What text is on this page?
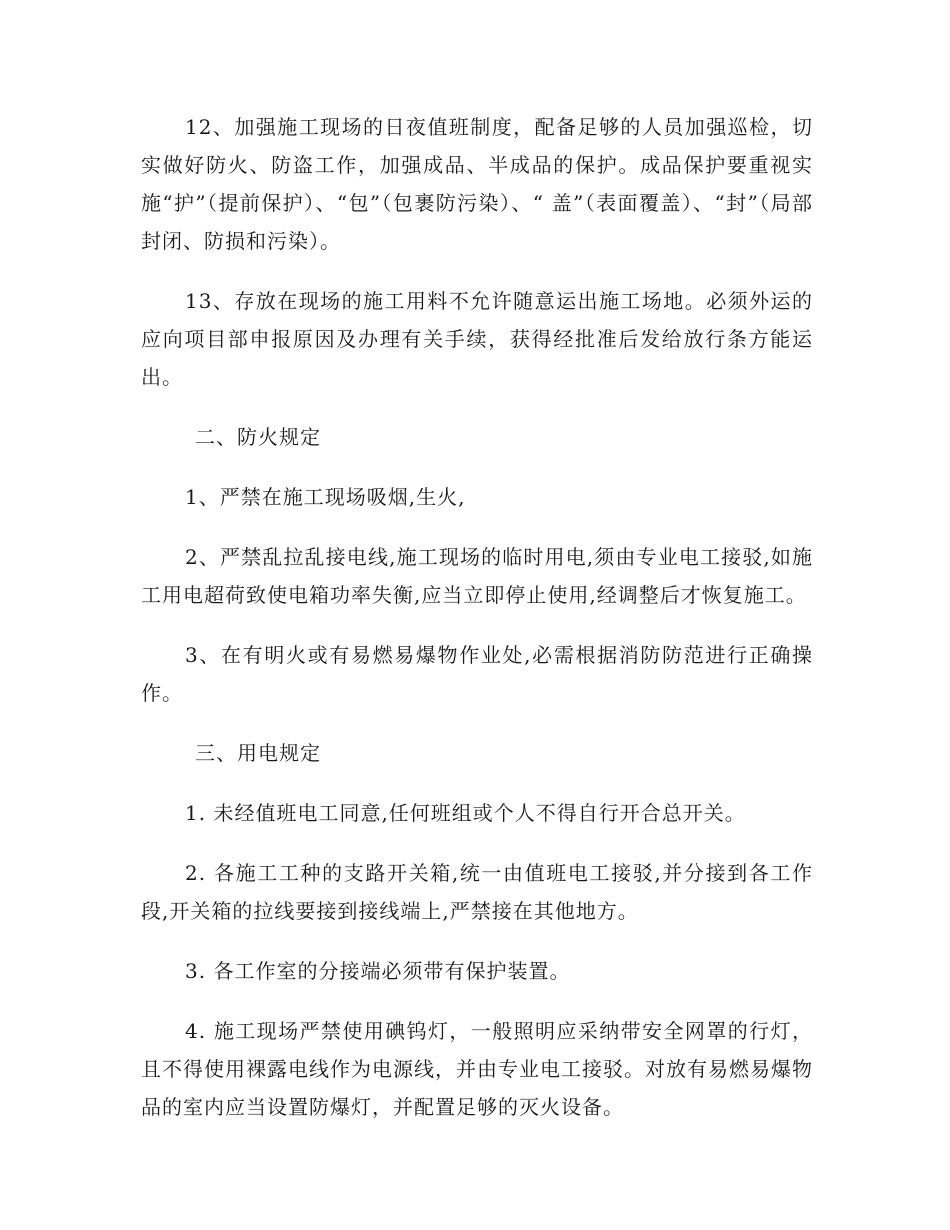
12、加强施工现场的日夜值班制度，配备足够的人员加强巡检，切实做好防火、防盗工作，加强成品、半成品的保护。成品保护要重视实施“护”（提前保护）、“包”（包裹防污染）、“ 盖”（表面覆盖）、“封”（局部封闭、防损和污染）。

13、存放在现场的施工用料不允许随意运出施工场地。必须外运的应向项目部申报原因及办理有关手续，获得经批准后发给放行条方能运出。

二、防火规定

1、严禁在施工现场吸烟,生火,

2、严禁乱拉乱接电线,施工现场的临时用电,须由专业电工接驳,如施工用电超荷致使电箱功率失衡,应当立即停止使用,经调整后才恢复施工。

3、在有明火或有易燃易爆物作业处,必需根据消防防范进行正确操作。

三、用电规定

1. 未经值班电工同意,任何班组或个人不得自行开合总开关。

2. 各施工工种的支路开关箱,统一由值班电工接驳,并分接到各工作段,开关箱的拉线要接到接线端上,严禁接在其他地方。

3. 各工作室的分接端必须带有保护装置。

4. 施工现场严禁使用碘钨灯，一般照明应采纳带安全网罩的行灯，且不得使用裸露电线作为电源线，并由专业电工接驳。对放有易燃易爆物品的室内应当设置防爆灯，并配置足够的灭火设备。
